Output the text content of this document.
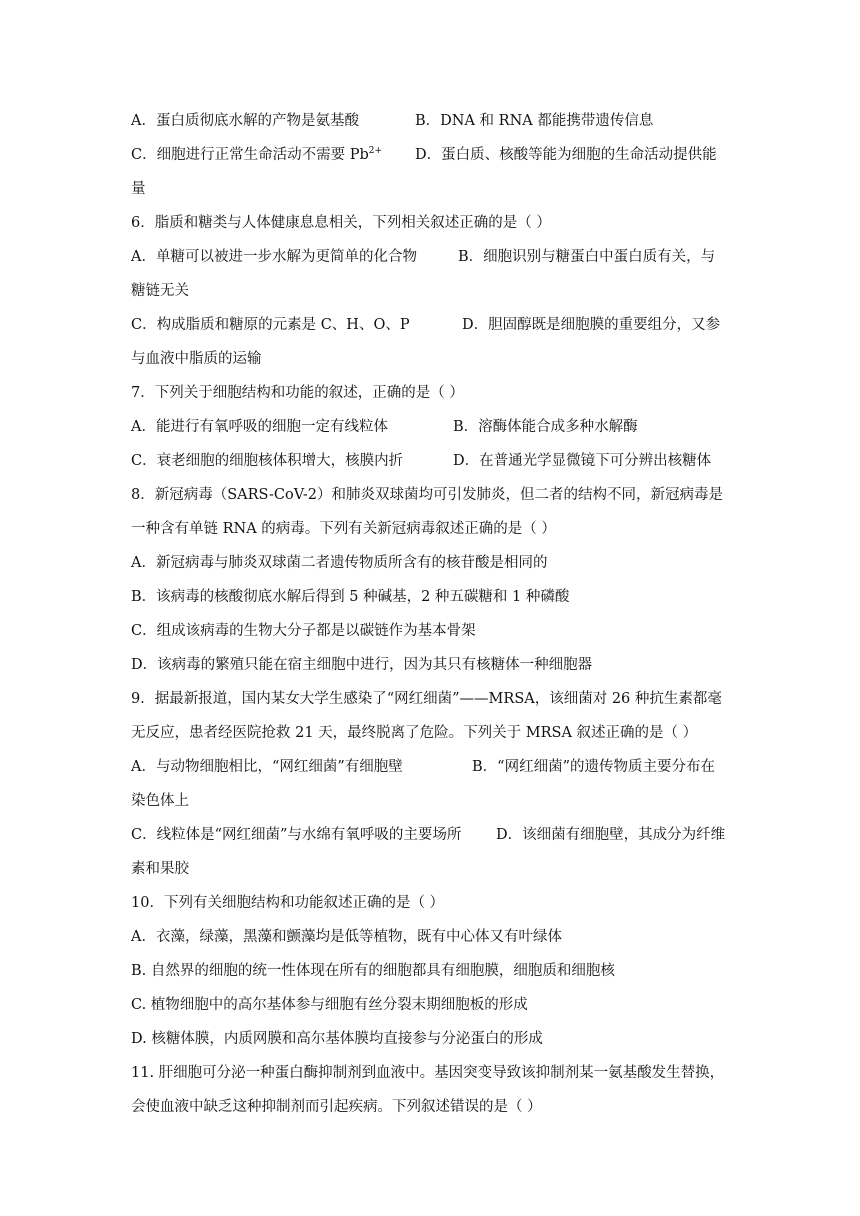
A．蛋白质彻底水解的产物是氨基酸	B．DNA 和 RNA 都能携带遗传信息
C．细胞进行正常生命活动不需要 $Pb^{2+}$ D．蛋白质、核酸等能为细胞的生命活动提供能
量
6．脂质和糖类与人体健康息息相关，下列相关叙述正确的是（ ）
A．单糖可以被进一步水解为更简单的化合物	B．细胞识别与糖蛋白中蛋白质有关，与
糖链无关
C．构成脂质和糖原的元素是 C、H、O、P	D．胆固醇既是细胞膜的重要组分，又参
与血液中脂质的运输
7．下列关于细胞结构和功能的叙述，正确的是（ ）
A．能进行有氧呼吸的细胞一定有线粒体	B．溶酶体能合成多种水解酶
C．衰老细胞的细胞核体积增大，核膜内折	D．在普通光学显微镜下可分辨出核糖体
8．新冠病毒（SARS-CoV-2）和肺炎双球菌均可引发肺炎，但二者的结构不同，新冠病毒是
一种含有单链 RNA 的病毒。下列有关新冠病毒叙述正确的是（ ）
A．新冠病毒与肺炎双球菌二者遗传物质所含有的核苷酸是相同的
B．该病毒的核酸彻底水解后得到 5 种碱基，2 种五碳糖和 1 种磷酸
C．组成该病毒的生物大分子都是以碳链作为基本骨架
D．该病毒的繁殖只能在宿主细胞中进行，因为其只有核糖体一种细胞器
9．据最新报道，国内某女大学生感染了“网红细菌”——MRSA，该细菌对 26 种抗生素都毫
无反应，患者经医院抢救 21 天，最终脱离了危险。下列关于 MRSA 叙述正确的是（ ）
A．与动物细胞相比，“网红细菌”有细胞壁	B．“网红细菌”的遗传物质主要分布在
染色体上
C．线粒体是“网红细菌”与水绵有氧呼吸的主要场所 D．该细菌有细胞壁，其成分为纤维
素和果胶
10．下列有关细胞结构和功能叙述正确的是（ ）
A．衣藻，绿藻，黑藻和颤藻均是低等植物，既有中心体又有叶绿体
B. 自然界的细胞的统一性体现在所有的细胞都具有细胞膜，细胞质和细胞核
C. 植物细胞中的高尔基体参与细胞有丝分裂末期细胞板的形成
D. 核糖体膜，内质网膜和高尔基体膜均直接参与分泌蛋白的形成
11. 肝细胞可分泌一种蛋白酶抑制剂到血液中。基因突变导致该抑制剂某一氨基酸发生替换，
会使血液中缺乏这种抑制剂而引起疾病。下列叙述错误的是（ ）
